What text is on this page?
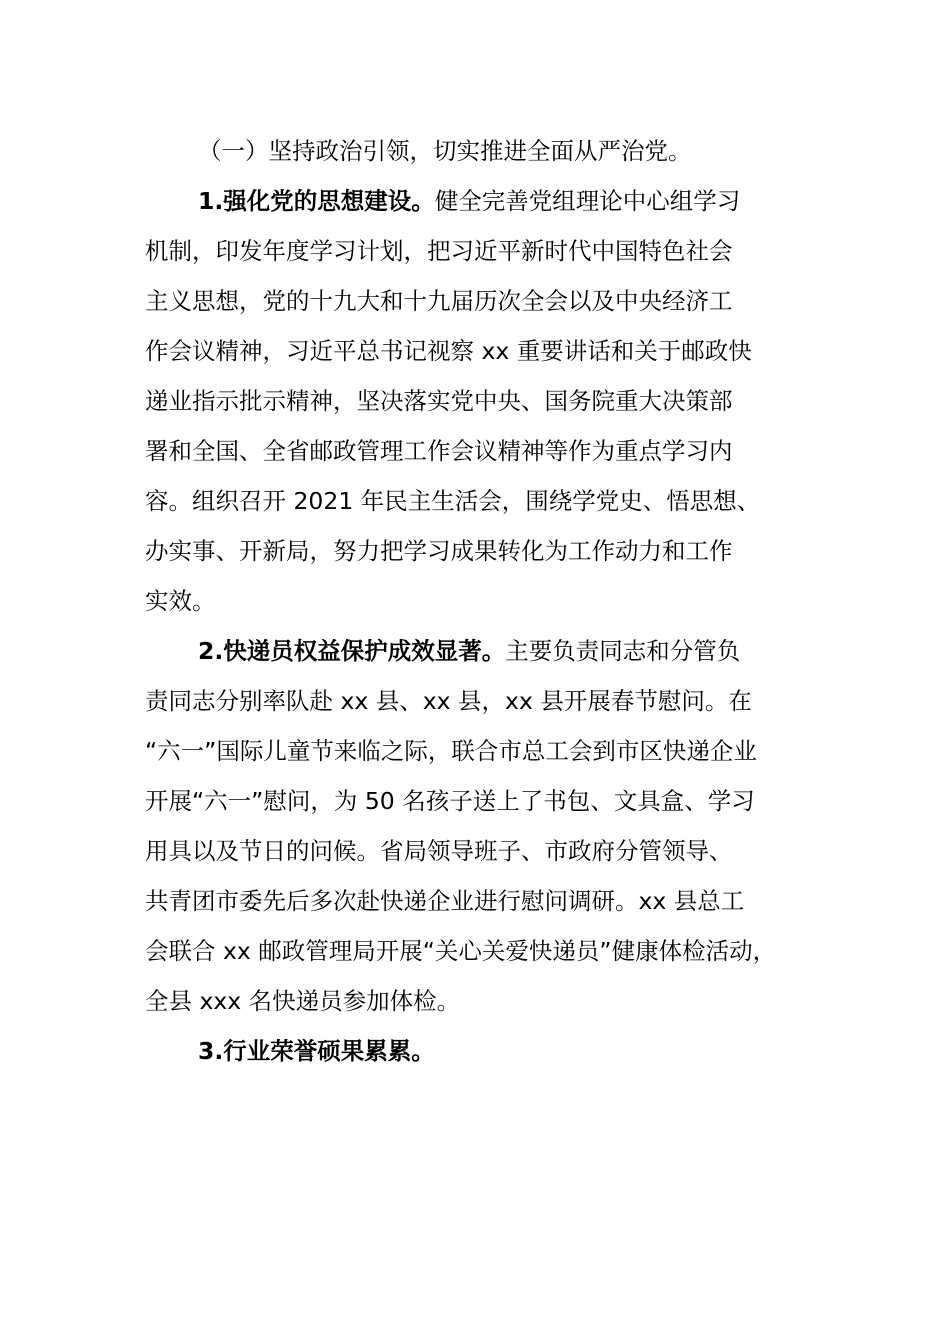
（一）坚持政治引领，切实推进全面从严治党。
1.强化党的思想建设。健全完善党组理论中心组学习
机制，印发年度学习计划，把习近平新时代中国特色社会
主义思想，党的十九大和十九届历次全会以及中央经济工
作会议精神，习近平总书记视察 xx 重要讲话和关于邮政快
递业指示批示精神，坚决落实党中央、国务院重大决策部
署和全国、全省邮政管理工作会议精神等作为重点学习内
容。组织召开 2021 年民主生活会，围绕学党史、悟思想、
办实事、开新局，努力把学习成果转化为工作动力和工作
实效。
2.快递员权益保护成效显著。主要负责同志和分管负
责同志分别率队赴 xx 县、xx 县，xx 县开展春节慰问。在
“六一”国际儿童节来临之际，联合市总工会到市区快递企业
开展“六一”慰问，为 50 名孩子送上了书包、文具盒、学习
用具以及节日的问候。省局领导班子、市政府分管领导、
共青团市委先后多次赴快递企业进行慰问调研。xx 县总工
会联合 xx 邮政管理局开展“关心关爱快递员”健康体检活动，
全县 xxx 名快递员参加体检。
3.行业荣誉硕果累累。
